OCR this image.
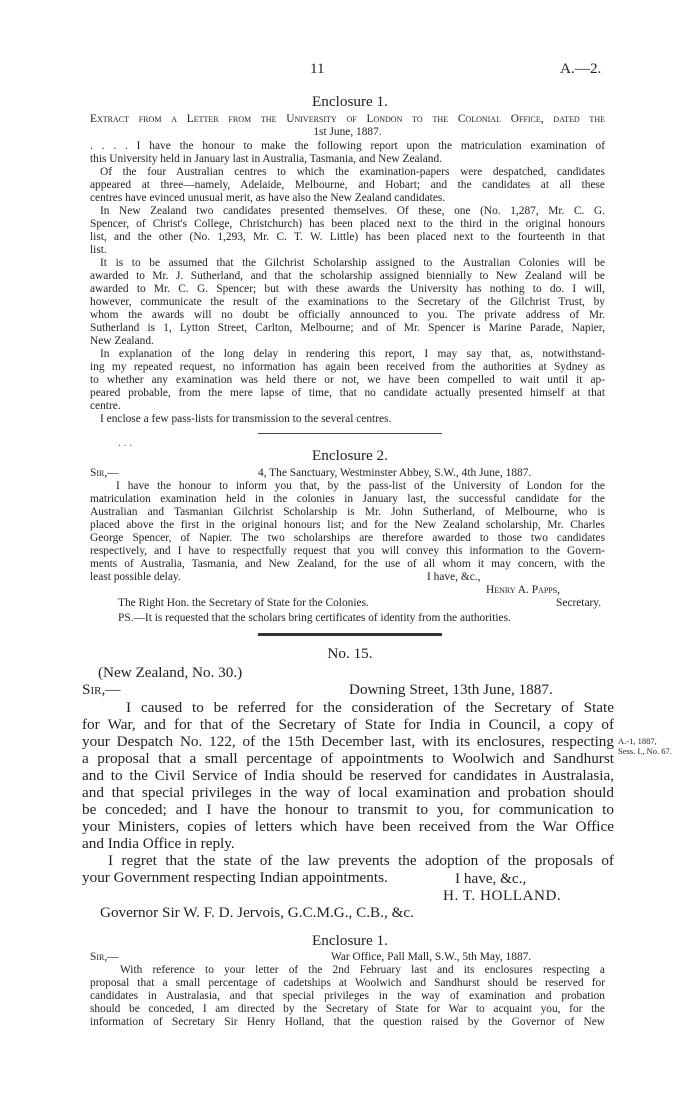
11	A.—2.
Enclosure 1.
Extract from a Letter from the University of London to the Colonial Office, dated the
1st June, 1887.
. . . . I have the honour to make the following report upon the matriculation examination of
this University held in January last in Australia, Tasmania, and New Zealand.
Of the four Australian centres to which the examination-papers were despatched, candidates
appeared at three—namely, Adelaide, Melbourne, and Hobart; and the candidates at all these
centres have evinced unusual merit, as have also the New Zealand candidates.
In New Zealand two candidates presented themselves. Of these, one (No. 1,287, Mr. C. G.
Spencer, of Christ's College, Christchurch) has been placed next to the third in the original honours
list, and the other (No. 1,293, Mr. C. T. W. Little) has been placed next to the fourteenth in that
list.
It is to be assumed that the Gilchrist Scholarship assigned to the Australian Colonies will be
awarded to Mr. J. Sutherland, and that the scholarship assigned biennially to New Zealand will be
awarded to Mr. C. G. Spencer; but with these awards the University has nothing to do. I will,
however, communicate the result of the examinations to the Secretary of the Gilchrist Trust, by
whom the awards will no doubt be officially announced to you. The private address of Mr.
Sutherland is 1, Lytton Street, Carlton, Melbourne; and of Mr. Spencer is Marine Parade, Napier,
New Zealand.
In explanation of the long delay in rendering this report, I may say that, as, notwithstand-
ing my repeated request, no information has again been received from the authorities at Sydney as
to whether any examination was held there or not, we have been compelled to wait until it ap-
peared probable, from the mere lapse of time, that no candidate actually presented himself at that
centre.
I enclose a few pass-lists for transmission to the several centres.
. . .
Enclosure 2.
Sir,—	4, The Sanctuary, Westminster Abbey, S.W., 4th June, 1887.
I have the honour to inform you that, by the pass-list of the University of London for the
matriculation examination held in the colonies in January last, the successful candidate for the
Australian and Tasmanian Gilchrist Scholarship is Mr. John Sutherland, of Melbourne, who is
placed above the first in the original honours list; and for the New Zealand scholarship, Mr. Charles
George Spencer, of Napier. The two scholarships are therefore awarded to those two candidates
respectively, and I have to respectfully request that you will convey this information to the Govern-
ments of Australia, Tasmania, and New Zealand, for the use of all whom it may concern, with the
least possible delay.	I have, &c.,
Henry A. Papps,
The Right Hon. the Secretary of State for the Colonies.	Secretary.
PS.—It is requested that the scholars bring certificates of identity from the authorities.
No. 15.
(New Zealand, No. 30.)
Sir,—	Downing Street, 13th June, 1887.
I caused to be referred for the consideration of the Secretary of State
for War, and for that of the Secretary of State for India in Council, a copy of
your Despatch No. 122, of the 15th December last, with its enclosures, respecting
a proposal that a small percentage of appointments to Woolwich and Sandhurst
and to the Civil Service of India should be reserved for candidates in Australasia,
and that special privileges in the way of local examination and probation should
be conceded; and I have the honour to transmit to you, for communication to
your Ministers, copies of letters which have been received from the War Office
and India Office in reply.
I regret that the state of the law prevents the adoption of the proposals of
your Government respecting Indian appointments.
A.-1, 1887,
Sess. I., No. 67.
I have, &c.,
H. T. HOLLAND.
Governor Sir W. F. D. Jervois, G.C.M.G., C.B., &c.
Enclosure 1.
Sir,—	War Office, Pall Mall, S.W., 5th May, 1887.
With reference to your letter of the 2nd February last and its enclosures respecting a
proposal that a small percentage of cadetships at Woolwich and Sandhurst should be reserved for
candidates in Australasia, and that special privileges in the way of examination and probation
should be conceded, I am directed by the Secretary of State for War to acquaint you, for the
information of Secretary Sir Henry Holland, that the question raised by the Governor of New
